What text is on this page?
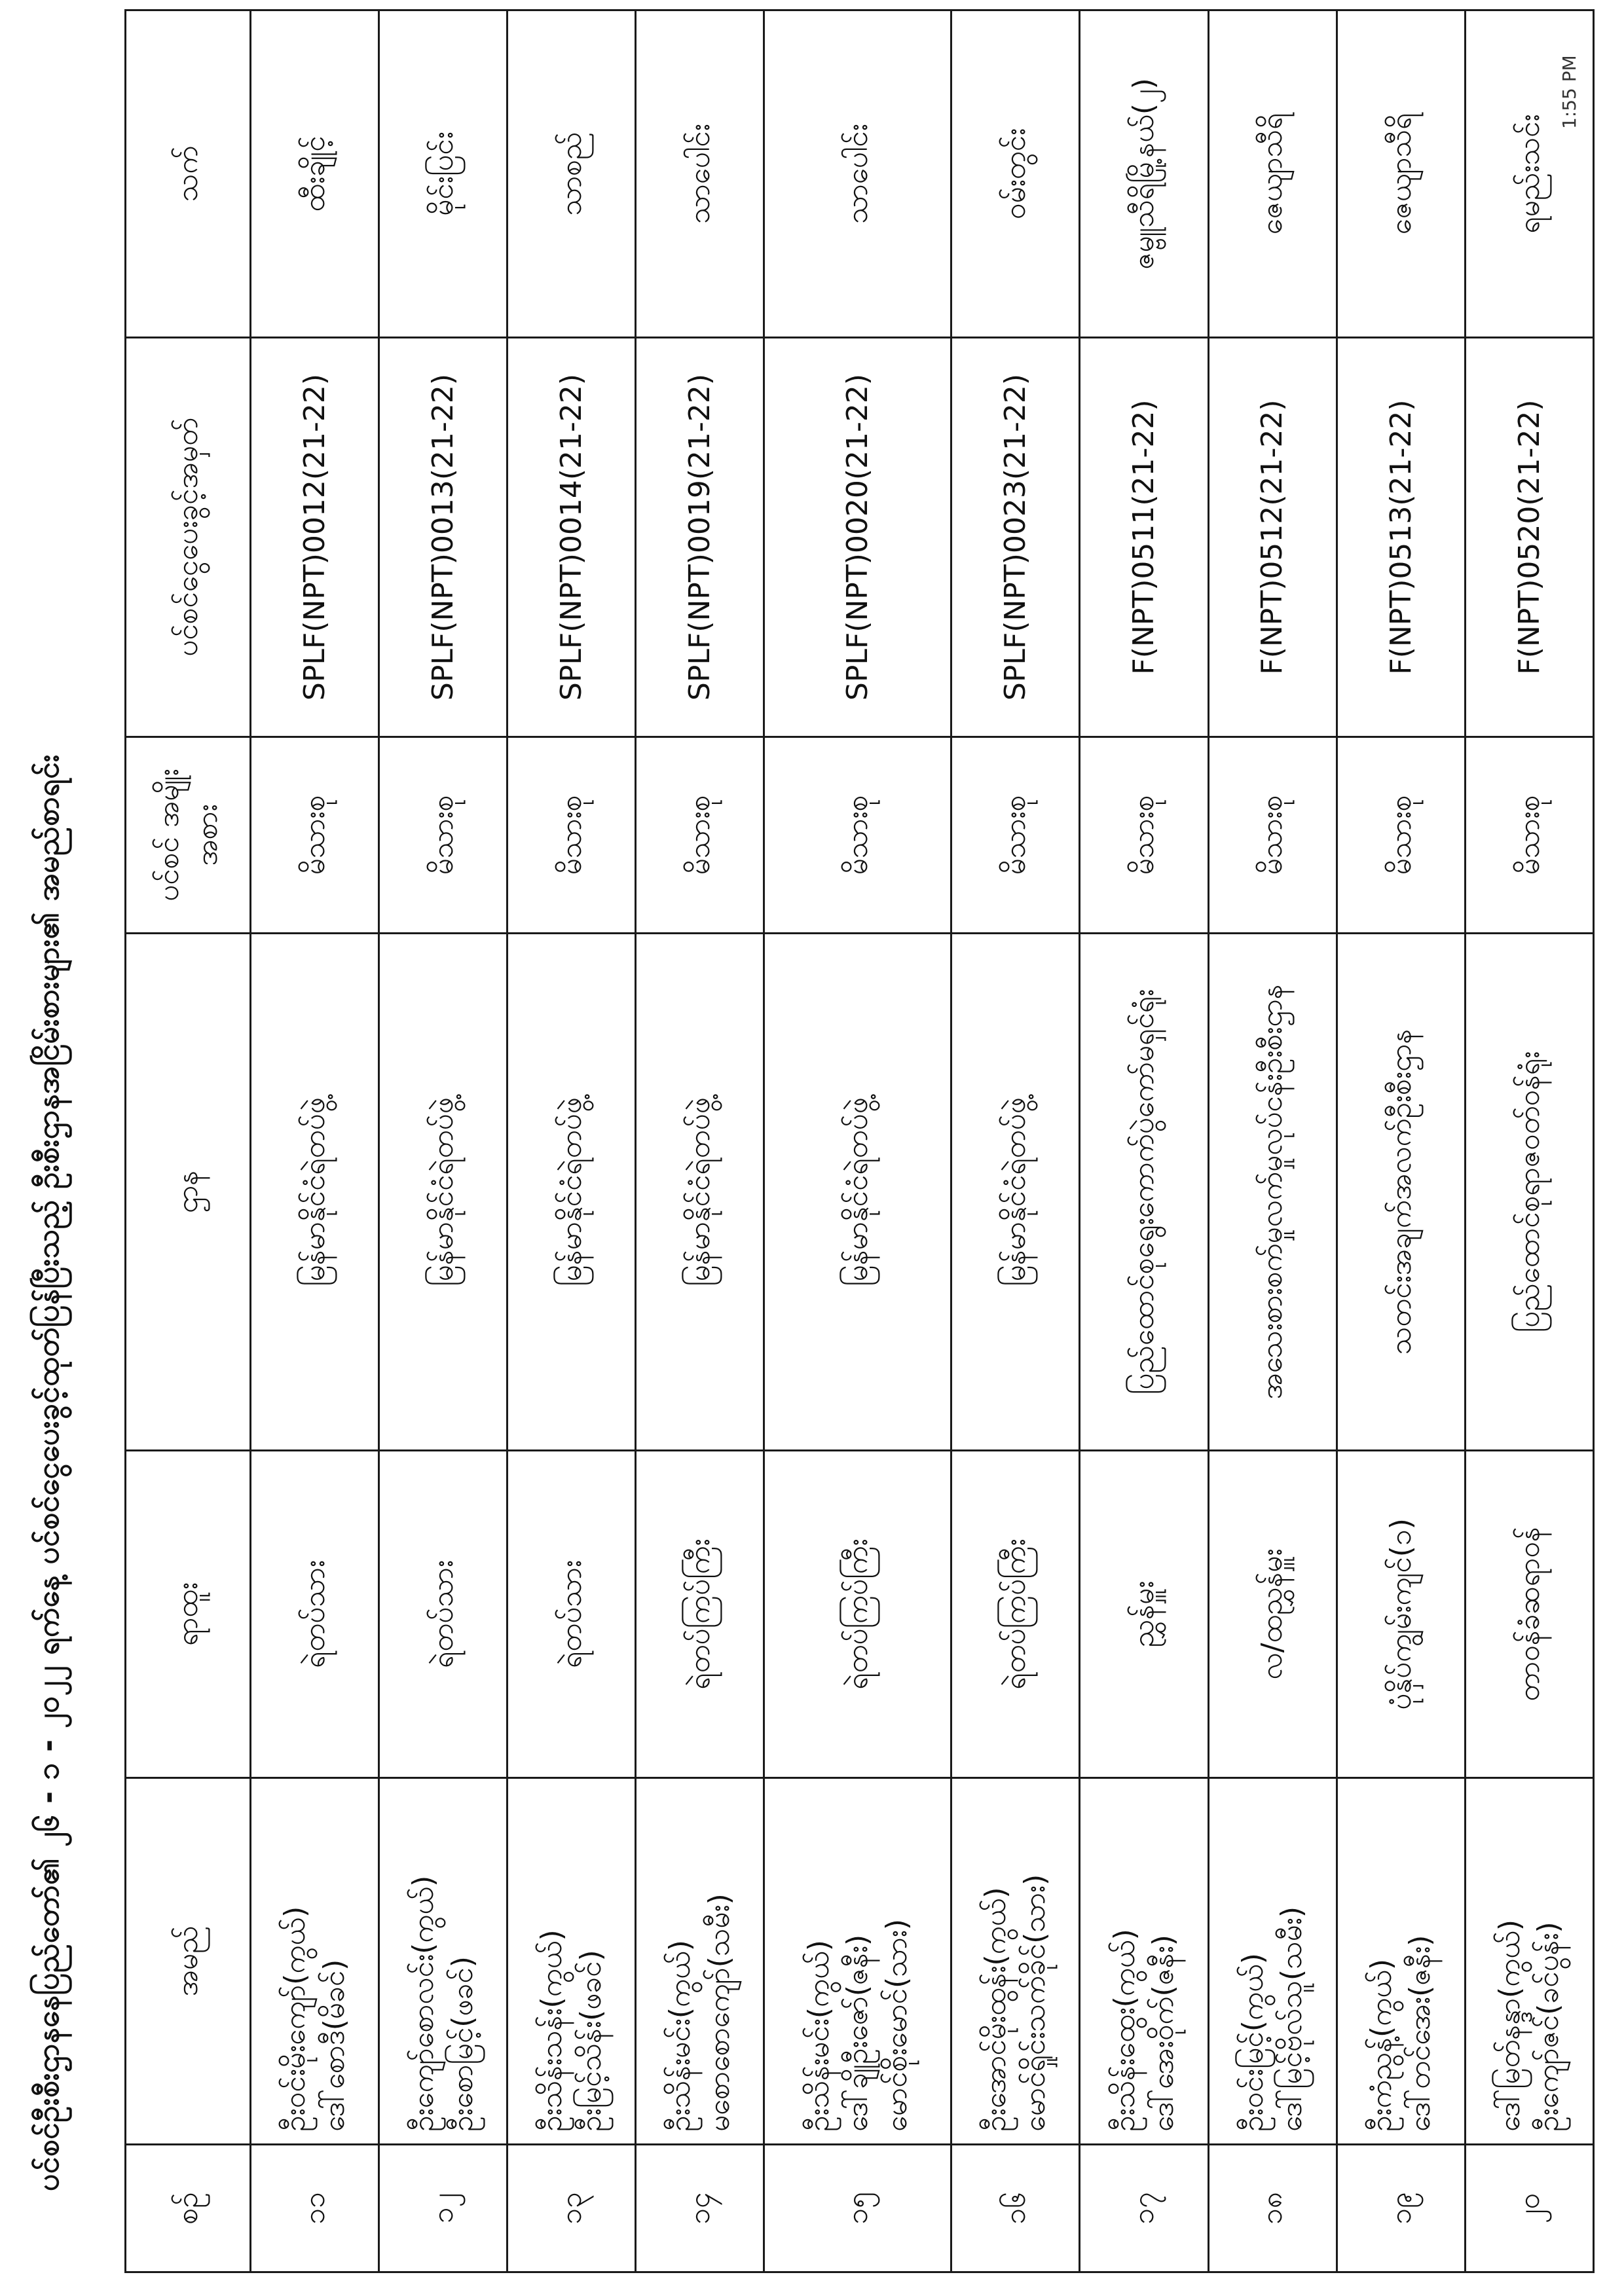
ပင်စင်ဦးစီးဌာနနေပြည်တော်၏ ၂၆ - ၁ - ၂၀၂၂ ရက်နေ့ ပင်စင်ငွေပေးခွင့်ထုတ်ပြန်ပြီးသည့် ဦးစီးဌာနအငြိမ်းစားများ၏ အမည်စာရင်း
စဉ်	အမည်	ရာထူး	ဌာန	ပင်စင် အမျိုးအစား	ပင်စင်ငွေပေးခွင့်အမှတ်	သက်
၁၁	ဦးဝင်းမိုးကျော်(ကွယ်) ဒေါ်စောဒီ(မိခင်)	ရဲတပ်သား	မြန်မာနိုင်ငံရဲတပ်ဖွဲ့	မိသားစု	SPLF(NPT)0012(21-22)	ထီးချိုင့်
၁၂	ဦးကျော်စောလင်း(ကွယ်) ဦးစောမြင့်(ဖခင်)	ရဲတပ်သား	မြန်မာနိုင်ငံရဲတပ်ဖွဲ့	မိသားစု	SPLF(NPT)0013(21-22)	မိုင်းပြင်း
၁၃	ဦးသိန်းသန်း(ကွယ်) ဦးမြင့်သိန်း(ဖခင်)	ရဲတပ်သား	မြန်မာနိုင်ငံရဲတပ်ဖွဲ့	မိသားစု	SPLF(NPT)0014(21-22)	သာစည်
၁၄	ဦးသိန်းမင်း(ကွယ်) မစောစောကျော်(သမီး)	ရဲတပ်ကြပ်ကြီး	မြန်မာနိုင်ငံရဲတပ်ဖွဲ့	မိသားစု	SPLF(NPT)0019(21-22)	သာပေါင်း
၁၅	ဦးသိန်းမင်း(ကွယ်) ဒေါ်ချိုဦးဇော်(ဇနီး) မောင်စိုးမောင်(သား)	ရဲတပ်ကြပ်ကြီး	မြန်မာနိုင်ငံရဲတပ်ဖွဲ့	မိသားစု	SPLF(NPT)0020(21-22)	သာပေါင်း
၁၆	ဦးအောင်မိုးထွန်း(ကွယ်) မောင်ရှိုင်းသက်ခိုင်(သား)	ရဲတပ်ကြပ်ကြီး	မြန်မာနိုင်ငံရဲတပ်ဖွဲ့	မိသားစု	SPLF(NPT)0023(21-22)	ဝမ်းတွင်း
၁၇	ဦးသိန်းထွေး(ကွယ်) ဒေါ်အေးဝိုက်(ဇနီး)	ညွှန်မှူး	ပြည်ထောင်စုရွေးကောက်ပွဲကော်မရှင်ရုံး	မိသားစု	F(NPT)0511(21-22)	ဇမ္ဗူသီရိမြို့နယ်(၂)
၁၈	ဦးဝင်းမြင့်(ကွယ်) ဒေါ်မြင့်ဗိုလ်သူ(သမီး)	လ/ထညွှန်မှူး	အသေးစားစက်မှုလက်မှုလုပ်ငန်းဦးစီးဌာန	မိသားစု	F(NPT)0512(21-22)	ဇေယျာသီရိ
၁၉	ဦးကံညွန့်(ကွယ်) ဒေါ်တင်အေး(ဇနီး)	ပုံနှိပ်ကျွမ်းကျင်(၁)	သတင်းအချက်အလက်ဦးစီးဌာန	မိသားစု	F(NPT)0513(21-22)	ဇေယျာသီရိ
၂၀	ဒေါ်မြတ်နန္ဒာ(ကွယ်) ဦးကျော်ဇင်(ခင်ပွန်း)	တာဝန်ခံဆရာဝန်	ပြည်ထောင်စုရာဇဝတ်ဝန်ရုံး	မိသားစု	F(NPT)0520(21-22)	ရမည်းသင်း
1:55 PM
